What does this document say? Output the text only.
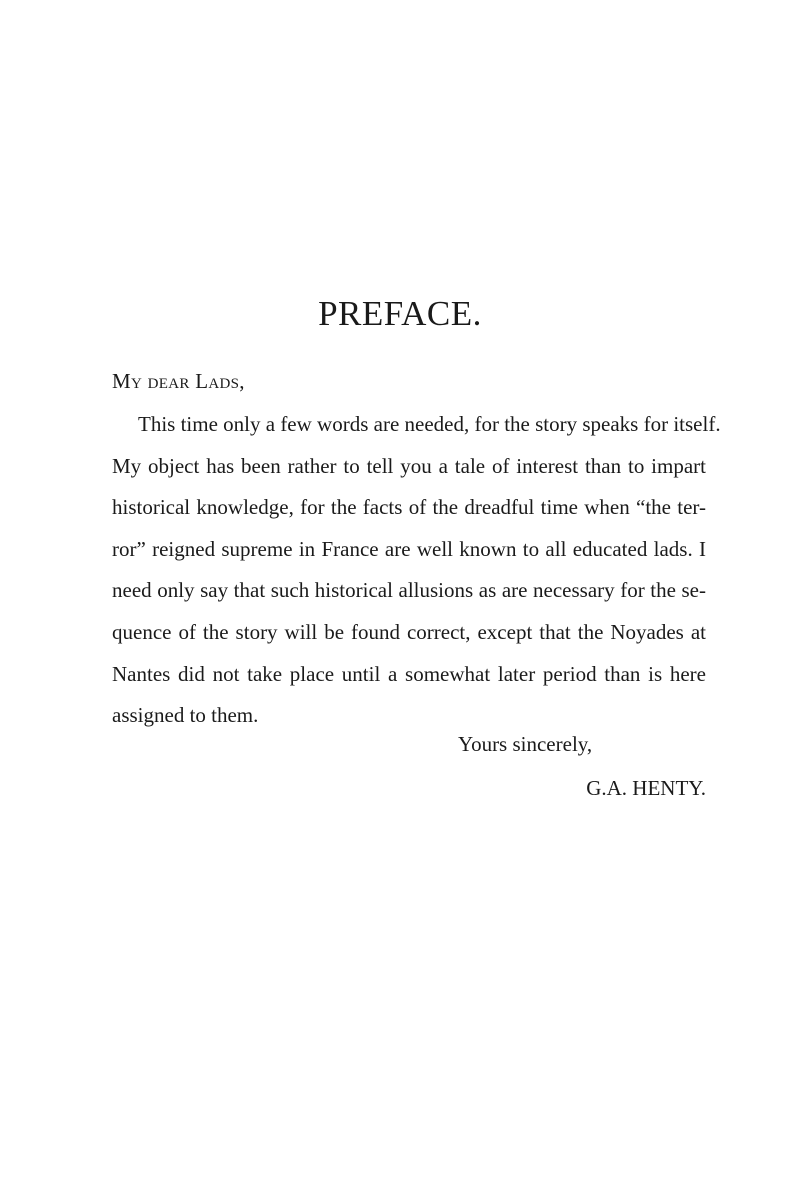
PREFACE.

My dear Lads,

This time only a few words are needed, for the story speaks for itself.
My object has been rather to tell you a tale of interest than to impart
historical knowledge, for the facts of the dreadful time when “the ter-
ror” reigned supreme in France are well known to all educated lads. I
need only say that such historical allusions as are necessary for the se-
quence of the story will be found correct, except that the Noyades at
Nantes did not take place until a somewhat later period than is here
assigned to them.
Yours sincerely,
G.A. HENTY.
